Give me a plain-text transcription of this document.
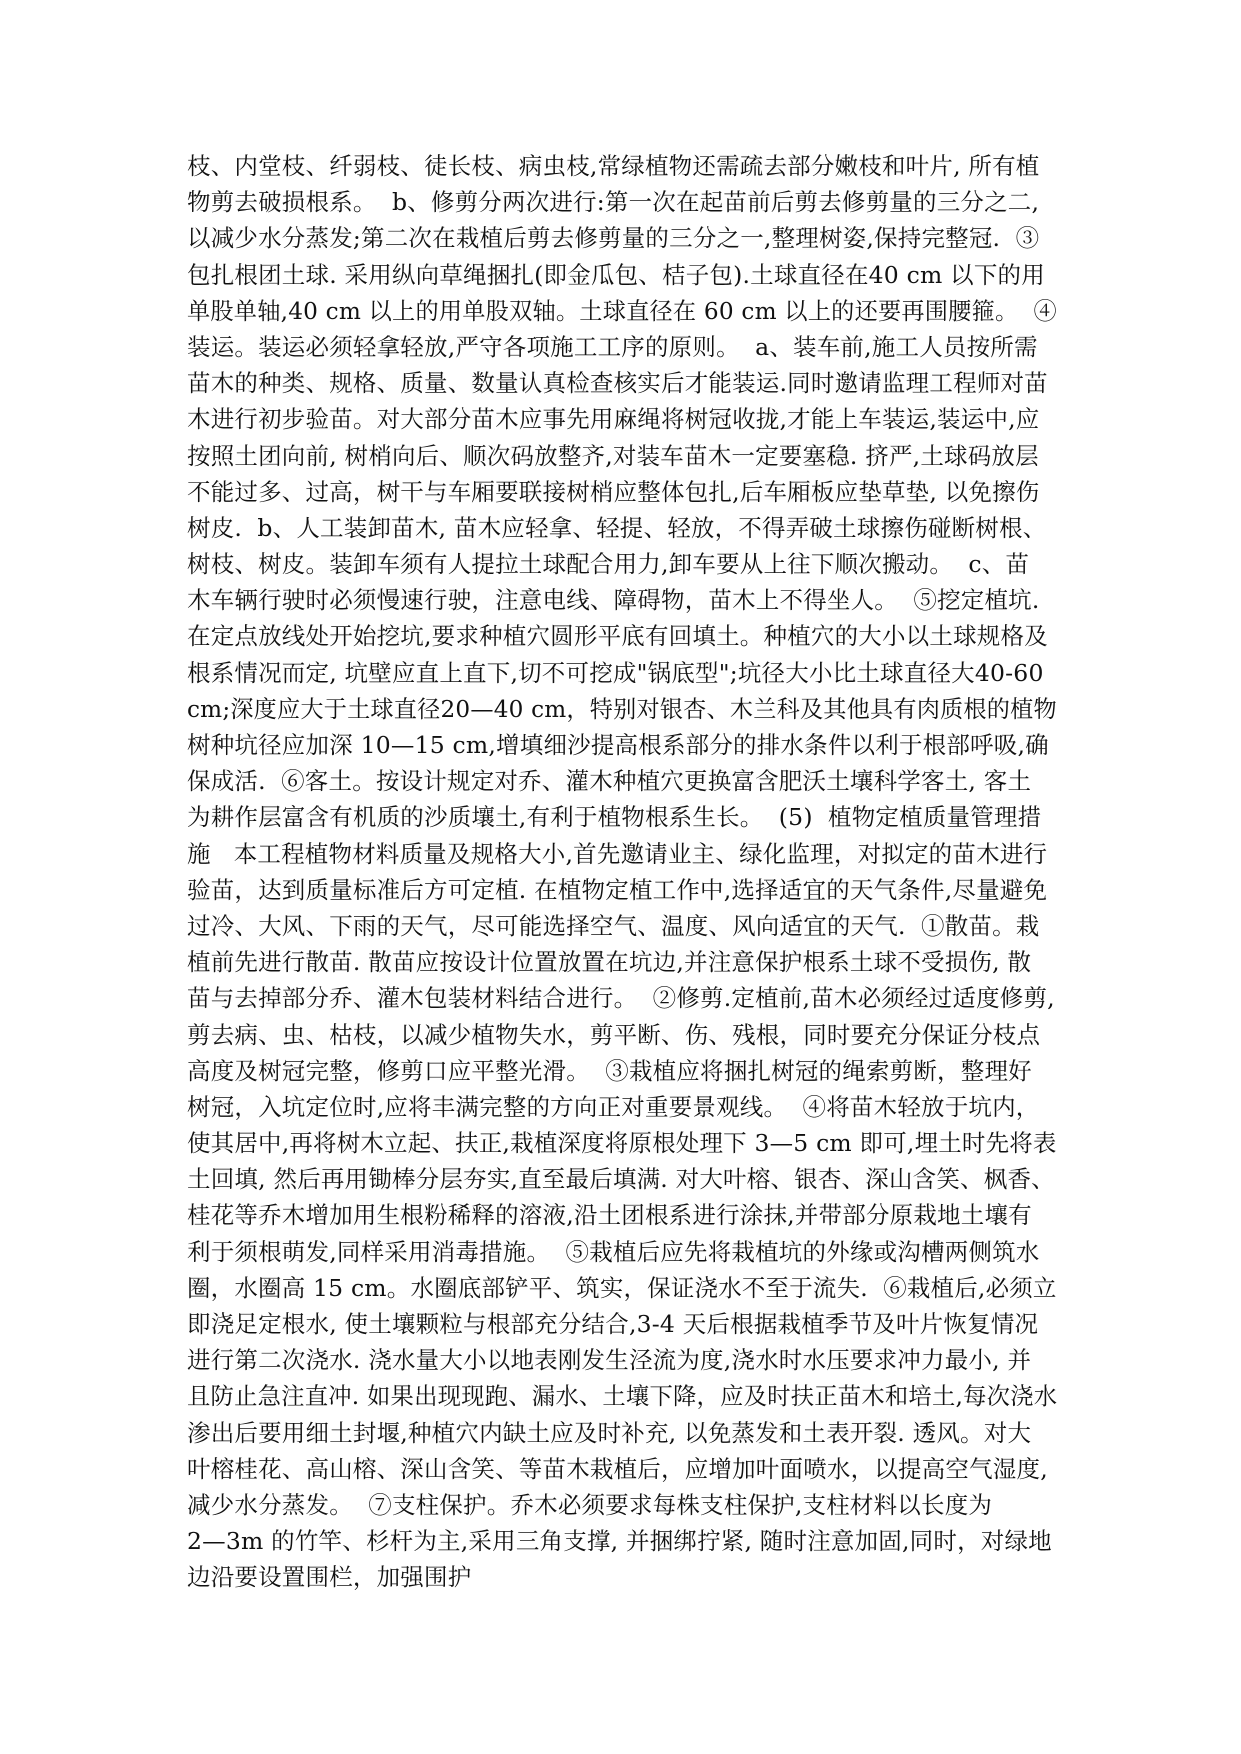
枝、内堂枝、纤弱枝、徒长枝、病虫枝,常绿植物还需疏去部分嫩枝和叶片, 所有植
物剪去破损根系。  b、修剪分两次进行:第一次在起苗前后剪去修剪量的三分之二,
以减少水分蒸发;第二次在栽植后剪去修剪量的三分之一,整理树姿,保持完整冠.  ③
包扎根团土球. 采用纵向草绳捆扎(即金瓜包、桔子包).土球直径在40 cm 以下的用
单股单轴,40 cm 以上的用单股双轴。土球直径在 60 cm 以上的还要再围腰箍。  ④
装运。装运必须轻拿轻放,严守各项施工工序的原则。  a、装车前,施工人员按所需
苗木的种类、规格、质量、数量认真检查核实后才能装运.同时邀请监理工程师对苗
木进行初步验苗。对大部分苗木应事先用麻绳将树冠收拢,才能上车装运,装运中,应
按照土团向前, 树梢向后、顺次码放整齐,对装车苗木一定要塞稳. 挤严,土球码放层
不能过多、过高，树干与车厢要联接树梢应整体包扎,后车厢板应垫草垫, 以免擦伤
树皮.  b、人工装卸苗木, 苗木应轻拿、轻提、轻放，不得弄破土球擦伤碰断树根、
树枝、树皮。装卸车须有人提拉土球配合用力,卸车要从上往下顺次搬动。  c、苗
木车辆行驶时必须慢速行驶，注意电线、障碍物，苗木上不得坐人。  ⑤挖定植坑.
在定点放线处开始挖坑,要求种植穴圆形平底有回填土。种植穴的大小以土球规格及
根系情况而定, 坑壁应直上直下,切不可挖成"锅底型";坑径大小比土球直径大40-60
cm;深度应大于土球直径20—40 cm，特别对银杏、木兰科及其他具有肉质根的植物
树种坑径应加深 10—15 cm,增填细沙提高根系部分的排水条件以利于根部呼吸,确
保成活.  ⑥客土。按设计规定对乔、灌木种植穴更换富含肥沃土壤科学客土, 客土
为耕作层富含有机质的沙质壤土,有利于植物根系生长。  (5)  植物定植质量管理措
施   本工程植物材料质量及规格大小,首先邀请业主、绿化监理，对拟定的苗木进行
验苗，达到质量标准后方可定植. 在植物定植工作中,选择适宜的天气条件,尽量避免
过冷、大风、下雨的天气，尽可能选择空气、温度、风向适宜的天气.  ①散苗。栽
植前先进行散苗. 散苗应按设计位置放置在坑边,并注意保护根系土球不受损伤, 散
苗与去掉部分乔、灌木包装材料结合进行。  ②修剪.定植前,苗木必须经过适度修剪,
剪去病、虫、枯枝，以减少植物失水，剪平断、伤、残根，同时要充分保证分枝点
高度及树冠完整，修剪口应平整光滑。  ③栽植应将捆扎树冠的绳索剪断，整理好
树冠，入坑定位时,应将丰满完整的方向正对重要景观线。  ④将苗木轻放于坑内，
使其居中,再将树木立起、扶正,栽植深度将原根处理下 3—5 cm 即可,埋土时先将表
土回填, 然后再用锄棒分层夯实,直至最后填满. 对大叶榕、银杏、深山含笑、枫香、
桂花等乔木增加用生根粉稀释的溶液,沿土团根系进行涂抹,并带部分原栽地土壤有
利于须根萌发,同样采用消毒措施。  ⑤栽植后应先将栽植坑的外缘或沟槽两侧筑水
圈，水圈高 15 cm。水圈底部铲平、筑实，保证浇水不至于流失.  ⑥栽植后,必须立
即浇足定根水, 使土壤颗粒与根部充分结合,3-4 天后根据栽植季节及叶片恢复情况
进行第二次浇水. 浇水量大小以地表刚发生泾流为度,浇水时水压要求冲力最小, 并
且防止急注直冲. 如果出现现跑、漏水、土壤下降，应及时扶正苗木和培土,每次浇水
渗出后要用细土封堰,种植穴内缺土应及时补充, 以免蒸发和土表开裂. 透风。对大
叶榕桂花、高山榕、深山含笑、等苗木栽植后，应增加叶面喷水，以提高空气湿度,
减少水分蒸发。  ⑦支柱保护。乔木必须要求每株支柱保护,支柱材料以长度为
2—3m 的竹竿、杉杆为主,采用三角支撑, 并捆绑拧紧, 随时注意加固,同时，对绿地
边沿要设置围栏，加强围护
